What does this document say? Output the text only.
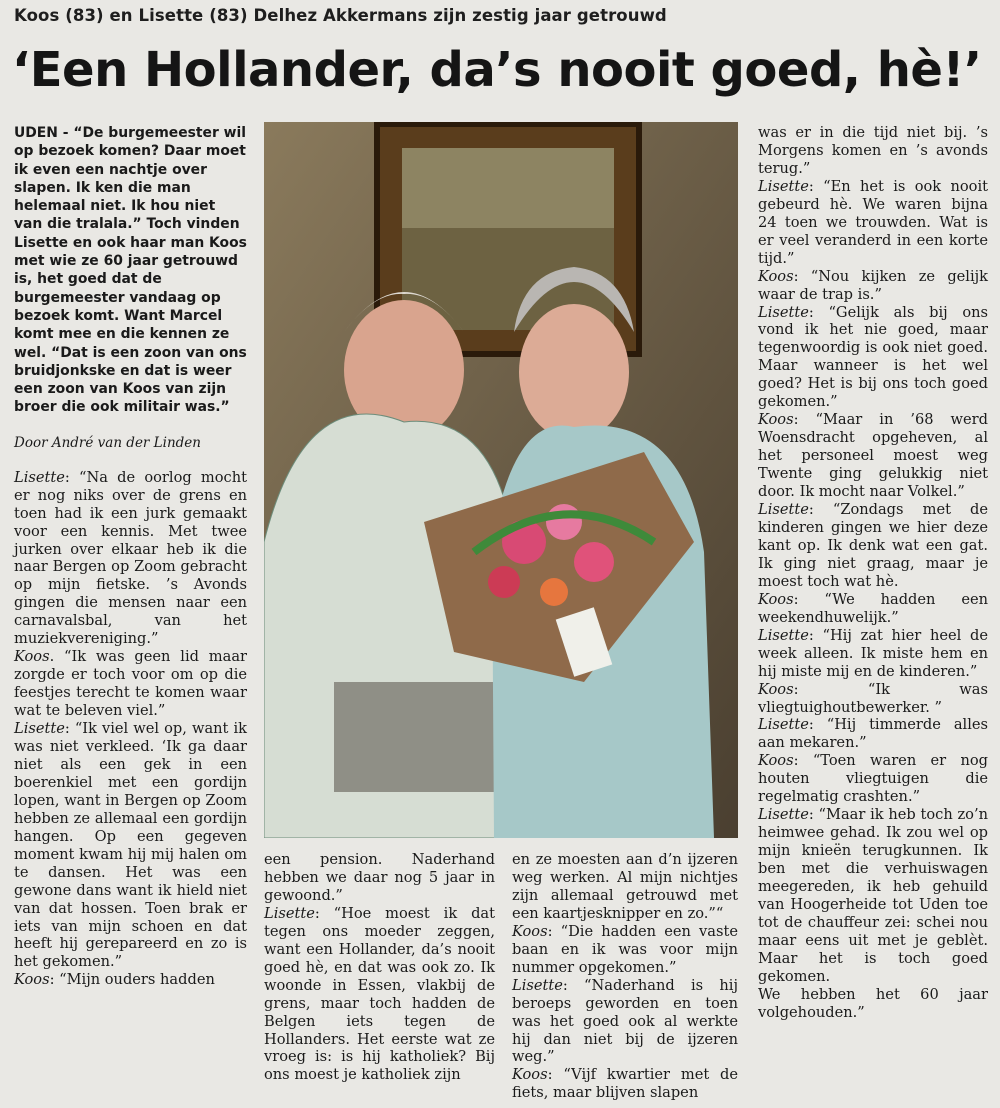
Koos (83) en Lisette (83) Delhez Akkermans zijn zestig jaar getrouwd
‘Een Hollander, da’s nooit goed, hè!’

UDEN - “De burgemeester wil op bezoek komen? Daar moet ik even een nachtje over slapen. Ik ken die man helemaal niet. Ik hou niet van die tralala.” Toch vinden Lisette en ook haar man Koos met wie ze 60 jaar getrouwd is, het goed dat de burgemeester vandaag op bezoek komt. Want Marcel komt mee en die kennen ze wel. “Dat is een zoon van ons bruidjonkske en dat is weer een zoon van Koos van zijn broer die ook militair was.”

Door André van der Linden

Lisette: “Na de oorlog mocht er nog niks over de grens en toen had ik een jurk gemaakt voor een kennis. Met twee jurken over elkaar heb ik die naar Bergen op Zoom gebracht op mijn fietske. ’s Avonds gingen die mensen naar een carnavalsbal, van het muziekvereniging.”

Koos. “Ik was geen lid maar zorgde er toch voor om op die feestjes terecht te komen waar wat te beleven viel.”

Lisette: “Ik viel wel op, want ik was niet verkleed. ‘Ik ga daar niet als een gek in een boerenkiel met een gordijn lopen, want in Bergen op Zoom hebben ze allemaal een gordijn hangen. Op een gegeven moment kwam hij mij halen om te dansen. Het was een gewone dans want ik hield niet van dat hossen. Toen brak er iets van mijn schoen en dat heeft hij gerepareerd en zo is het gekomen.”

Koos: “Mijn ouders hadden

een pension. Naderhand hebben we daar nog 5 jaar in gewoond.”

Lisette: “Hoe moest ik dat tegen ons moeder zeggen, want een Hollander, da’s nooit goed hè, en dat was ook zo. Ik woonde in Essen, vlakbij de grens, maar toch hadden de Belgen iets tegen de Hollanders. Het eerste wat ze vroeg is: is hij katholiek? Bij ons moest je katholiek zijn

en ze moesten aan d’n ijzeren weg werken. Al mijn nichtjes zijn allemaal getrouwd met een kaartjesknipper en zo.”“

Koos: “Die hadden een vaste baan en ik was voor mijn nummer opgekomen.”

Lisette: “Naderhand is hij beroeps geworden en toen was het goed ook al werkte hij dan niet bij de ijzeren weg.”

Koos: “Vijf kwartier met de fiets, maar blijven slapen

was er in die tijd niet bij. ’s Morgens komen en ’s avonds terug.”

Lisette: “En het is ook nooit gebeurd hè. We waren bijna 24 toen we trouwden. Wat is er veel veranderd in een korte tijd.”

Koos: “Nou kijken ze gelijk waar de trap is.”

Lisette: “Gelijk als bij ons vond ik het nie goed, maar tegenwoordig is ook niet goed. Maar wanneer is het wel goed? Het is bij ons toch goed gekomen.”

Koos: “Maar in ’68 werd Woensdracht opgeheven, al het personeel moest weg Twente ging gelukkig niet door. Ik mocht naar Volkel.”

Lisette: “Zondags met de kinderen gingen we hier deze kant op. Ik denk wat een gat. Ik ging niet graag, maar je moest toch wat hè.

Koos: “We hadden een weekendhuwelijk.”

Lisette: “Hij zat hier heel de week alleen. Ik miste hem en hij miste mij en de kinderen.”

Koos: “Ik was vliegtuighoutbewerker. ”

Lisette: “Hij timmerde alles aan mekaren.”

Koos: “Toen waren er nog houten vliegtuigen die regelmatig crashten.”

Lisette: “Maar ik heb toch zo’n heimwee gehad. Ik zou wel op mijn knieën terugkunnen. Ik ben met die verhuiswagen meegereden, ik heb gehuild van Hoogerheide tot Uden toe tot de chauffeur zei: schei nou maar eens uit met je geblèt. Maar het is toch goed gekomen.

We hebben het 60 jaar volgehouden.”
